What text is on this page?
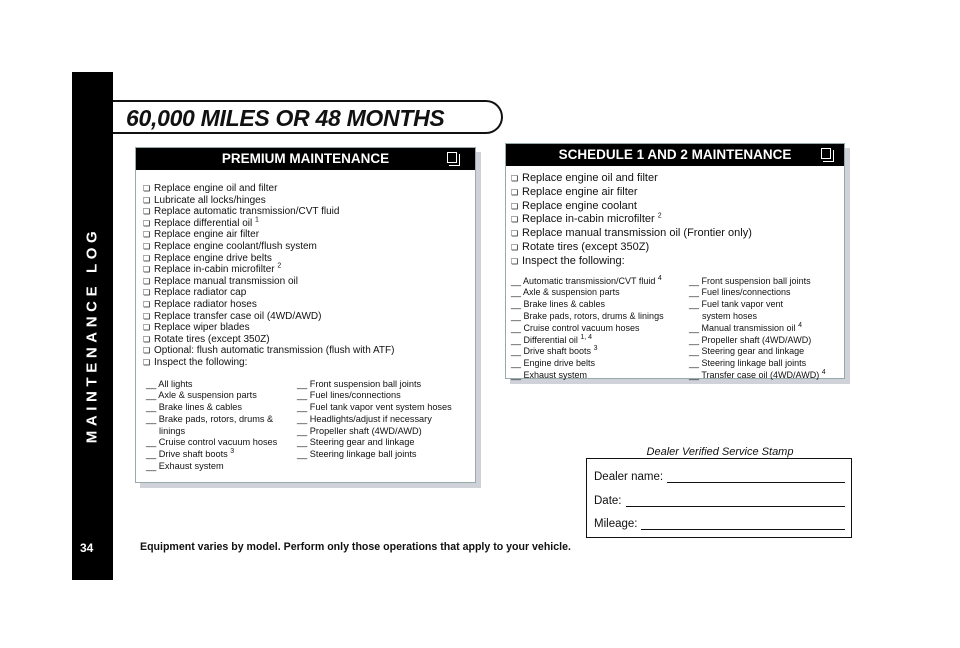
MAINTENANCE LOG
34
60,000 MILES OR 48 MONTHS
PREMIUM MAINTENANCE
❏ Replace engine oil and filter
❏ Lubricate all locks/hinges
❏ Replace automatic transmission/CVT fluid
❏ Replace differential oil $^1$
❏ Replace engine air filter
❏ Replace engine coolant/flush system
❏ Replace engine drive belts
❏ Replace in-cabin microfilter $^2$
❏ Replace manual transmission oil
❏ Replace radiator cap
❏ Replace radiator hoses
❏ Replace transfer case oil (4WD/AWD)
❏ Replace wiper blades
❏ Rotate tires (except 350Z)
❏ Optional: flush automatic transmission (flush with ATF)
❏ Inspect the following:
__ All lights
__ Axle & suspension parts
__ Brake lines & cables
__ Brake pads, rotors, drums &
linings
__ Cruise control vacuum hoses
__ Drive shaft boots $^3$
__ Exhaust system
__ Front suspension ball joints
__ Fuel lines/connections
__ Fuel tank vapor vent system hoses
__ Headlights/adjust if necessary
__ Propeller shaft (4WD/AWD)
__ Steering gear and linkage
__ Steering linkage ball joints
SCHEDULE 1 AND 2 MAINTENANCE
❏ Replace engine oil and filter
❏ Replace engine air filter
❏ Replace engine coolant
❏ Replace in-cabin microfilter $^2$
❏ Replace manual transmission oil (Frontier only)
❏ Rotate tires (except 350Z)
❏ Inspect the following:
__ Automatic transmission/CVT fluid $^4$
__ Axle & suspension parts
__ Brake lines & cables
__ Brake pads, rotors, drums & linings
__ Cruise control vacuum hoses
__ Differential oil $^{1, 4}$
__ Drive shaft boots $^3$
__ Engine drive belts
__ Exhaust system
__ Front suspension ball joints
__ Fuel lines/connections
__ Fuel tank vapor vent
system hoses
__ Manual transmission oil $^4$
__ Propeller shaft (4WD/AWD)
__ Steering gear and linkage
__ Steering linkage ball joints
__ Transfer case oil (4WD/AWD) $^4$
Dealer Verified Service Stamp
Dealer name:
Date:
Mileage:
Equipment varies by model. Perform only those operations that apply to your vehicle.
